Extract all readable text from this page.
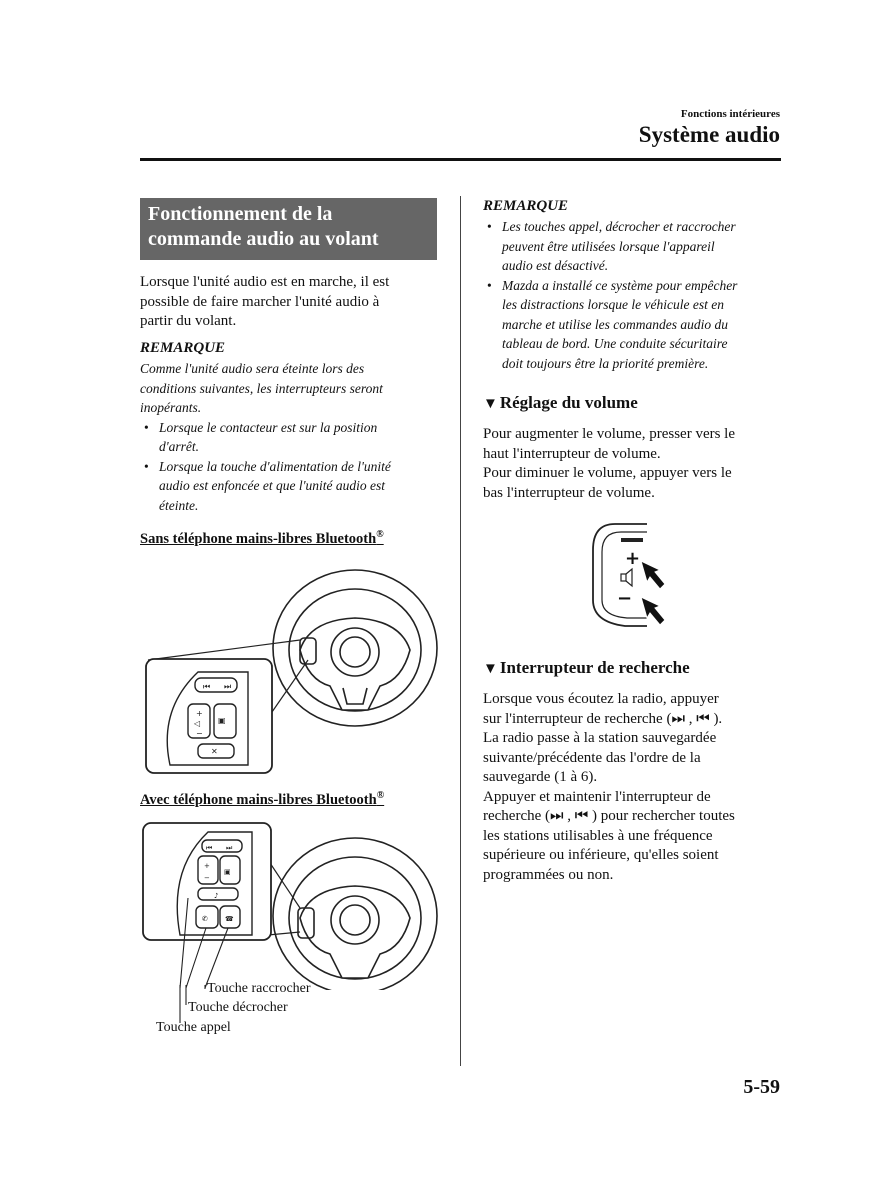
Fonctions intérieures
Système audio
Fonctionnement de la
commande audio au volant
Lorsque l'unité audio est en marche, il est
possible de faire marcher l'unité audio à
partir du volant.
REMARQUE
Comme l'unité audio sera éteinte lors des
conditions suivantes, les interrupteurs seront
inopérants.
• Lorsque le contacteur est sur la position
d'arrêt.
• Lorsque la touche d'alimentation de l'unité
audio est enfoncée et que l'unité audio est
éteinte.
Sans téléphone mains-libres Bluetooth®
⏮ ⏭
+
◁
−
▣
✕
Avec téléphone mains-libres Bluetooth®
⏮ ⏭
+
−
▣
♪
✆ ☎
Touche raccrocher
Touche décrocher
Touche appel
REMARQUE
• Les touches appel, décrocher et raccrocher
peuvent être utilisées lorsque l'appareil
audio est désactivé.
• Mazda a installé ce système pour empêcher
les distractions lorsque le véhicule est en
marche et utilise les commandes audio du
tableau de bord. Une conduite sécuritaire
doit toujours être la priorité première.
▼ Réglage du volume
Pour augmenter le volume, presser vers le
haut l'interrupteur de volume.
Pour diminuer le volume, appuyer vers le
bas l'interrupteur de volume.
+
−
▼ Interrupteur de recherche
Lorsque vous écoutez la radio, appuyer
sur l'interrupteur de recherche (⏭ , ⏮ ).
La radio passe à la station sauvegardée
suivante/précédente das l'ordre de la
sauvegarde (1 à 6).
Appuyer et maintenir l'interrupteur de
recherche (⏭ , ⏮ ) pour rechercher toutes
les stations utilisables à une fréquence
supérieure ou inférieure, qu'elles soient
programmées ou non.
5-59
